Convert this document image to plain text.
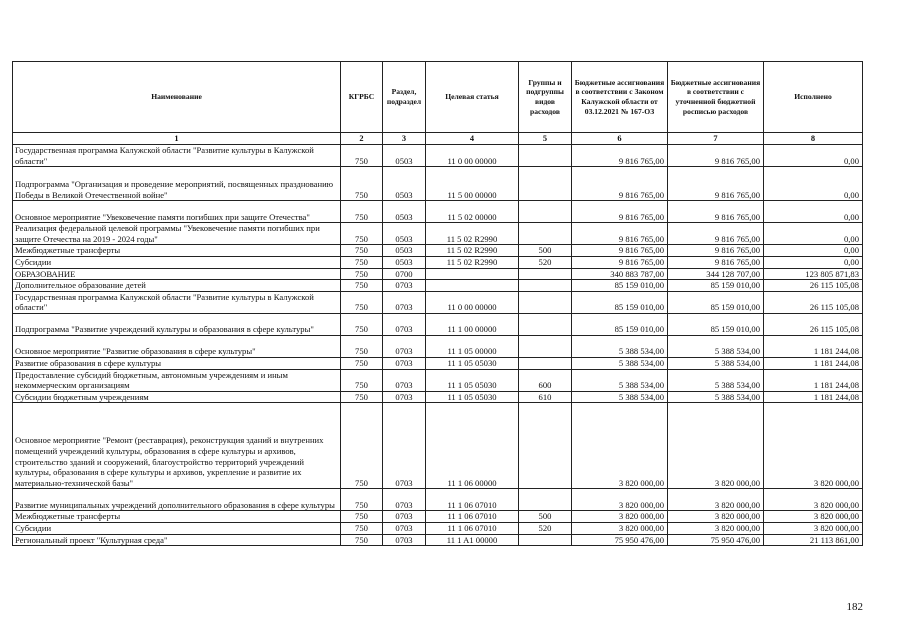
Наименование	КГРБС	Раздел, подраздел	Целевая статья	Группы и подгруппы видов расходов	Бюджетные ассигнования в соответствии с Законом Калужской области от 03.12.2021 № 167-ОЗ	Бюджетные ассигнования в соответствии с уточненной бюджетной росписью расходов	Исполнено
1	2	3	4	5	6	7	8
Государственная программа Калужской области "Развитие культуры в Калужской области"	750	0503	11 0 00 00000		9 816 765,00	9 816 765,00	0,00
Подпрограмма "Организация и проведение мероприятий, посвященных празднованию Победы в Великой Отечественной войне"	750	0503	11 5 00 00000		9 816 765,00	9 816 765,00	0,00
Основное мероприятие "Увековечение памяти погибших при защите Отечества"	750	0503	11 5 02 00000		9 816 765,00	9 816 765,00	0,00
Реализация федеральной целевой программы "Увековечение памяти погибших при защите Отечества на 2019 - 2024 годы"	750	0503	11 5 02 R2990		9 816 765,00	9 816 765,00	0,00
Межбюджетные трансферты	750	0503	11 5 02 R2990	500	9 816 765,00	9 816 765,00	0,00
Субсидии	750	0503	11 5 02 R2990	520	9 816 765,00	9 816 765,00	0,00
ОБРАЗОВАНИЕ	750	0700			340 883 787,00	344 128 707,00	123 805 871,83
Дополнительное образование детей	750	0703			85 159 010,00	85 159 010,00	26 115 105,08
Государственная программа Калужской области "Развитие культуры в Калужской области"	750	0703	11 0 00 00000		85 159 010,00	85 159 010,00	26 115 105,08
Подпрограмма "Развитие учреждений культуры и образования в сфере культуры"	750	0703	11 1 00 00000		85 159 010,00	85 159 010,00	26 115 105,08
Основное мероприятие "Развитие образования в сфере культуры"	750	0703	11 1 05 00000		5 388 534,00	5 388 534,00	1 181 244,08
Развитие образования в сфере культуры	750	0703	11 1 05 05030		5 388 534,00	5 388 534,00	1 181 244,08
Предоставление субсидий бюджетным, автономным учреждениям и иным некоммерческим организациям	750	0703	11 1 05 05030	600	5 388 534,00	5 388 534,00	1 181 244,08
Субсидии бюджетным учреждениям	750	0703	11 1 05 05030	610	5 388 534,00	5 388 534,00	1 181 244,08
Основное мероприятие "Ремонт (реставрация), реконструкция зданий и внутренних помещений учреждений культуры, образования в сфере культуры и архивов, строительство зданий и сооружений, благоустройство территорий учреждений культуры, образования в сфере культуры и архивов, укрепление и развитие их материально-технической базы"	750	0703	11 1 06 00000		3 820 000,00	3 820 000,00	3 820 000,00
Развитие муниципальных учреждений дополнительного образования в сфере культуры	750	0703	11 1 06 07010		3 820 000,00	3 820 000,00	3 820 000,00
Межбюджетные трансферты	750	0703	11 1 06 07010	500	3 820 000,00	3 820 000,00	3 820 000,00
Субсидии	750	0703	11 1 06 07010	520	3 820 000,00	3 820 000,00	3 820 000,00
Региональный проект "Культурная среда"	750	0703	11 1 A1 00000		75 950 476,00	75 950 476,00	21 113 861,00
182
